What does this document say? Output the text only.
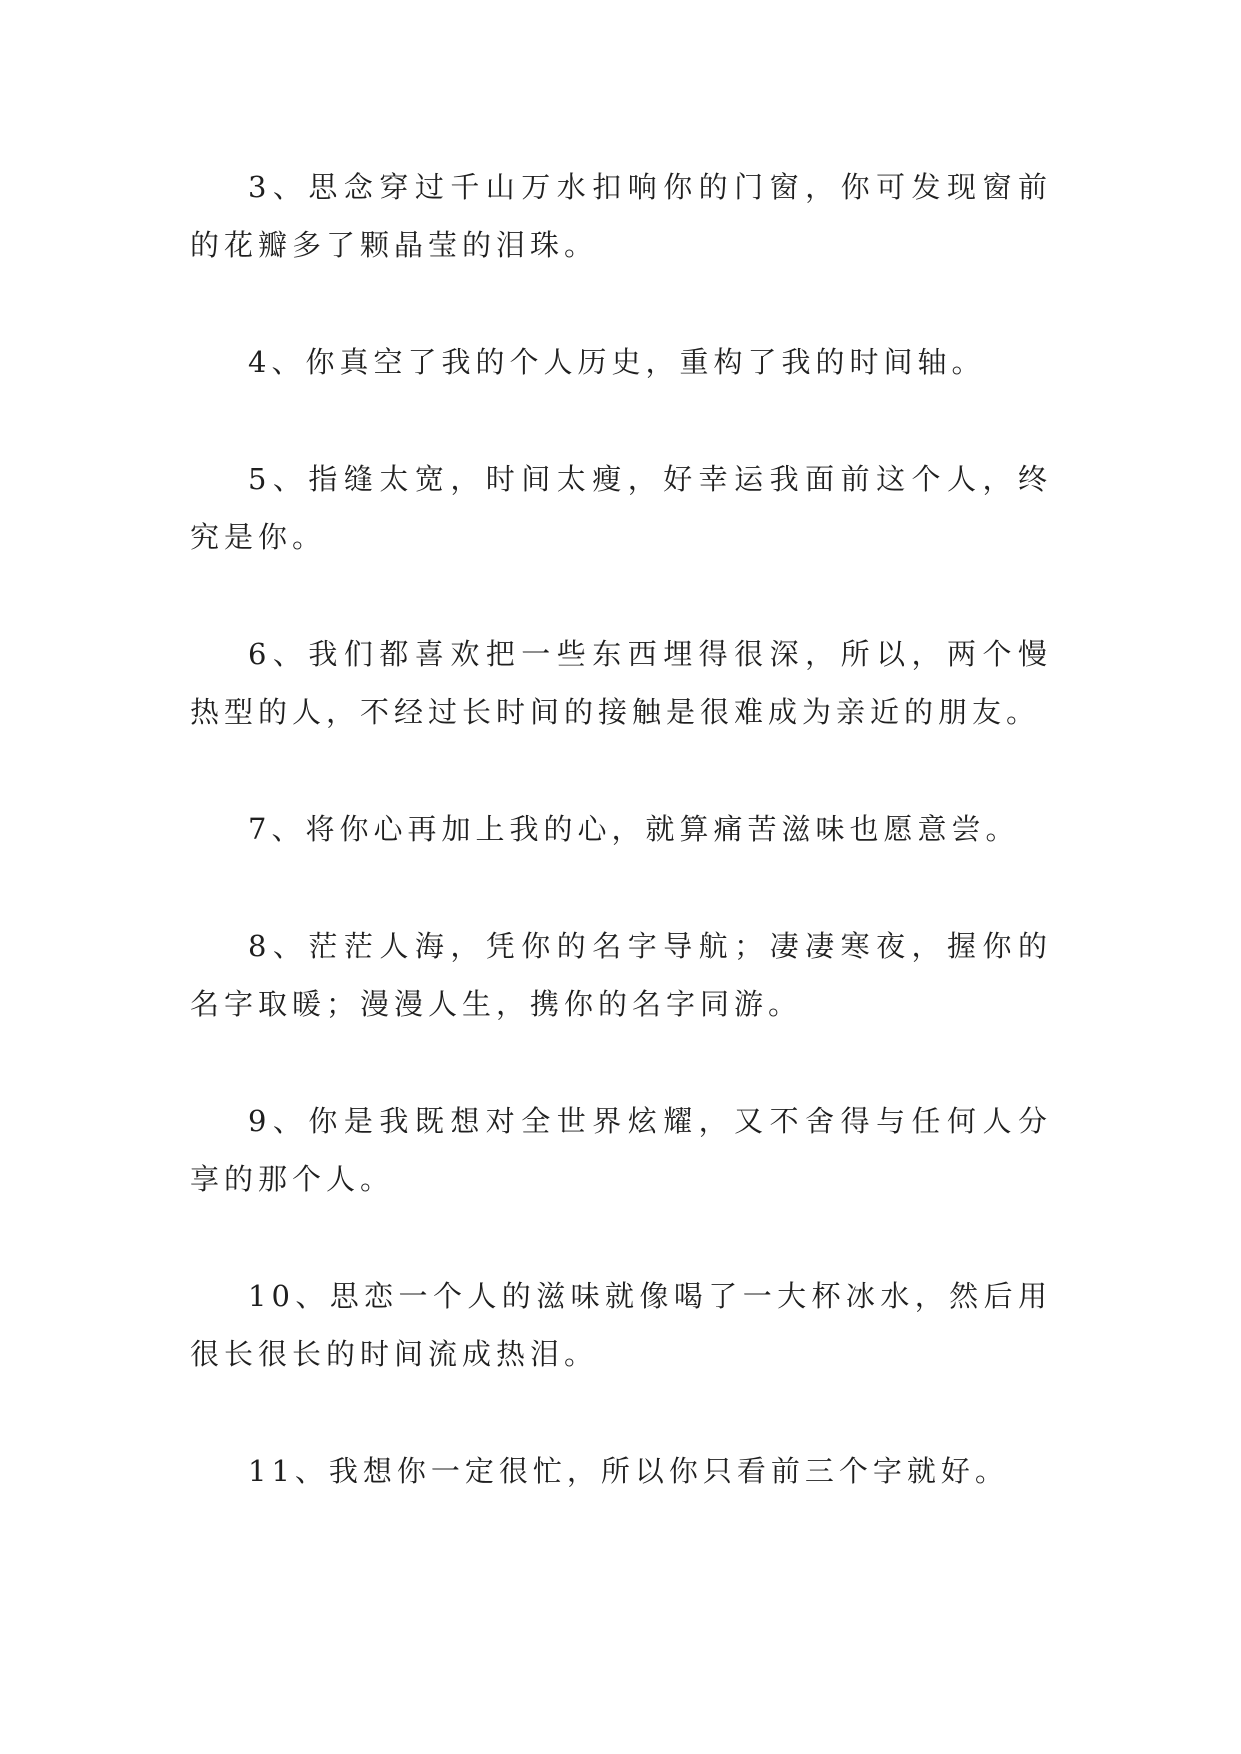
3、思念穿过千山万水扣响你的门窗，你可发现窗前的花瓣多了颗晶莹的泪珠。

4、你真空了我的个人历史，重构了我的时间轴。

5、指缝太宽，时间太瘦，好幸运我面前这个人，终究是你。

6、我们都喜欢把一些东西埋得很深，所以，两个慢热型的人，不经过长时间的接触是很难成为亲近的朋友。

7、将你心再加上我的心，就算痛苦滋味也愿意尝。

8、茫茫人海，凭你的名字导航；凄凄寒夜，握你的名字取暖；漫漫人生，携你的名字同游。

9、你是我既想对全世界炫耀，又不舍得与任何人分享的那个人。

10、思恋一个人的滋味就像喝了一大杯冰水，然后用很长很长的时间流成热泪。

11、我想你一定很忙，所以你只看前三个字就好。
